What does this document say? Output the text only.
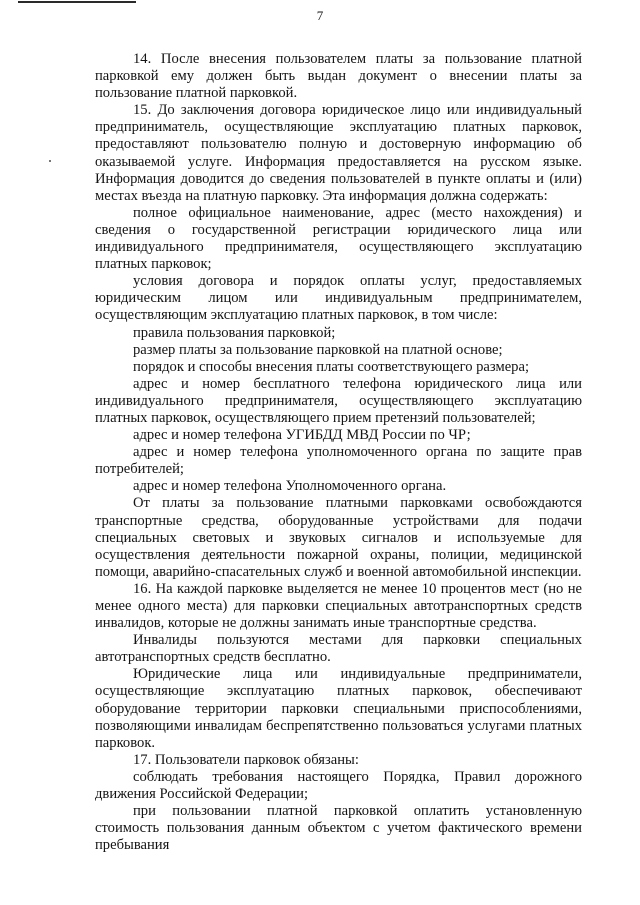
7

14. После внесения пользователем платы за пользование платной парковкой ему должен быть выдан документ о внесении платы за пользование платной парковкой.

15. До заключения договора юридическое лицо или индивидуальный предприниматель, осуществляющие эксплуатацию платных парковок, предоставляют пользователю полную и достоверную информацию об оказываемой услуге. Информация предоставляется на русском языке. Информация доводится до сведения пользователей в пункте оплаты и (или) местах въезда на платную парковку. Эта информация должна содержать:

полное официальное наименование, адрес (место нахождения) и сведения о государственной регистрации юридического лица или индивидуального предпринимателя, осуществляющего эксплуатацию платных парковок;

условия договора и порядок оплаты услуг, предоставляемых юридическим лицом или индивидуальным предпринимателем, осуществляющим эксплуатацию платных парковок, в том числе:

правила пользования парковкой;

размер платы за пользование парковкой на платной основе;

порядок и способы внесения платы соответствующего размера;

адрес и номер бесплатного телефона юридического лица или индивидуального предпринимателя, осуществляющего эксплуатацию платных парковок, осуществляющего прием претензий пользователей;

адрес и номер телефона УГИБДД МВД России по ЧР;

адрес и номер телефона уполномоченного органа по защите прав потребителей;

адрес и номер телефона Уполномоченного органа.

От платы за пользование платными парковками освобождаются транспортные средства, оборудованные устройствами для подачи специальных световых и звуковых сигналов и используемые для осуществления деятельности пожарной охраны, полиции, медицинской помощи, аварийно-спасательных служб и военной автомобильной инспекции.

16. На каждой парковке выделяется не менее 10 процентов мест (но не менее одного места) для парковки специальных автотранспортных средств инвалидов, которые не должны занимать иные транспортные средства.

Инвалиды пользуются местами для парковки специальных автотранспортных средств бесплатно.

Юридические лица или индивидуальные предприниматели, осуществляющие эксплуатацию платных парковок, обеспечивают оборудование территории парковки специальными приспособлениями, позволяющими инвалидам беспрепятственно пользоваться услугами платных парковок.

17. Пользователи парковок обязаны:

соблюдать требования настоящего Порядка, Правил дорожного движения Российской Федерации;

при пользовании платной парковкой оплатить установленную стоимость пользования данным объектом с учетом фактического времени пребывания
